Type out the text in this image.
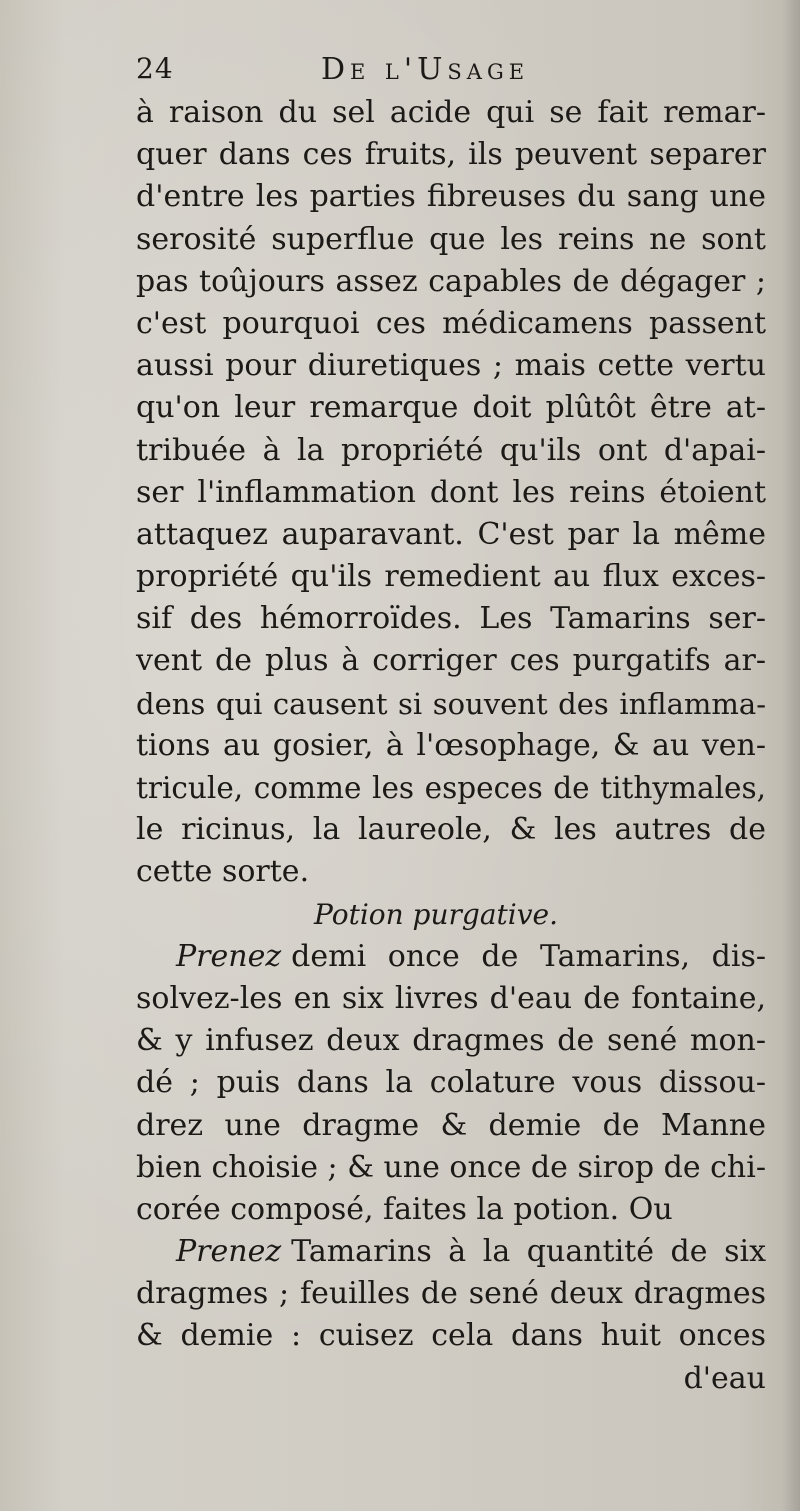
24	De l'Usage
à raison du sel acide qui se fait remar-
quer dans ces fruits, ils peuvent separer
d'entre les parties fibreuses du sang une
serosité superflue que les reins ne sont
pas toûjours assez capables de dégager ;
c'est pourquoi ces médicamens passent
aussi pour diuretiques ; mais cette vertu
qu'on leur remarque doit plûtôt être at-
tribuée à la propriété qu'ils ont d'apai-
ser l'inflammation dont les reins étoient
attaquez auparavant. C'est par la même
propriété qu'ils remedient au flux exces-
sif des hémorroïdes. Les Tamarins ser-
vent de plus à corriger ces purgatifs ar-
dens qui causent si souvent des inflamma-
tions au gosier, à l'œsophage, & au ven-
tricule, comme les especes de tithymales,
le ricinus, la laureole, & les autres de
cette sorte.
Potion purgative.
Prenez demi once de Tamarins, dis-
solvez-les en six livres d'eau de fontaine,
& y infusez deux dragmes de sené mon-
dé ; puis dans la colature vous dissou-
drez une dragme & demie de Manne
bien choisie ; & une once de sirop de chi-
corée composé, faites la potion. Ou
Prenez Tamarins à la quantité de six
dragmes ; feuilles de sené deux dragmes
& demie : cuisez cela dans huit onces
d'eau
